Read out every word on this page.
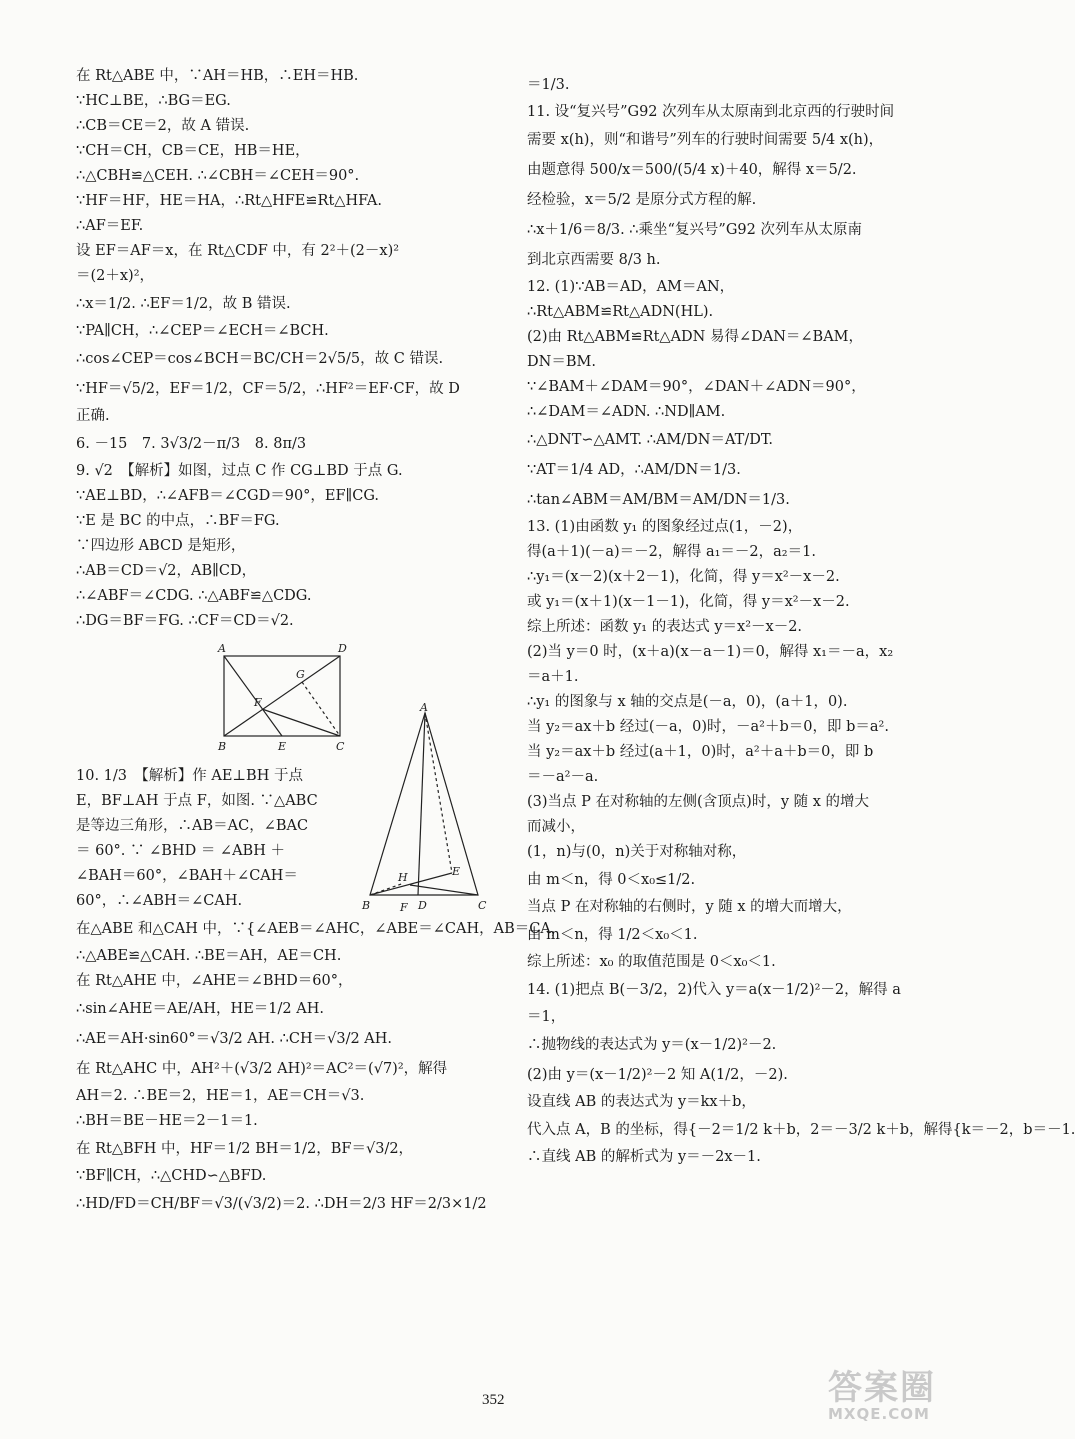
在 Rt△ABE 中，∵AH＝HB，∴EH＝HB.
∵HC⊥BE，∴BG＝EG.
∴CB＝CE＝2，故 A 错误.
∵CH＝CH，CB＝CE，HB＝HE，
∴△CBH≌△CEH. ∴∠CBH＝∠CEH＝90°.
∵HF＝HF，HE＝HA，∴Rt△HFE≌Rt△HFA.
∴AF＝EF.
设 EF＝AF＝x，在 Rt△CDF 中，有 2²＋(2－x)²
＝(2＋x)²，
∴x＝1/2. ∴EF＝1/2，故 B 错误.
∵PA∥CH，∴∠CEP＝∠ECH＝∠BCH.
∴cos∠CEP＝cos∠BCH＝BC/CH＝2√5/5，故 C 错误.
∵HF＝√5/2，EF＝1/2，CF＝5/2，∴HF²＝EF·CF，故 D
正确.
6. －15　7. 3√3/2－π/3　8. 8π/3
9. √2　【解析】如图，过点 C 作 CG⊥BD 于点 G.
∵AE⊥BD，∴∠AFB＝∠CGD＝90°，EF∥CG.
∵E 是 BC 的中点，∴BF＝FG.
∵四边形 ABCD 是矩形，
∴AB＝CD＝√2，AB∥CD，
∴∠ABF＝∠CDG. ∴△ABF≌△CDG.
∴DG＝BF＝FG. ∴CF＝CD＝√2.
A	D
G
F
B	E	C
10. 1/3　【解析】作 AE⊥BH 于点
E，BF⊥AH 于点 F，如图. ∵△ABC
是等边三角形，∴AB＝AC，∠BAC
＝ 60°. ∵ ∠BHD ＝ ∠ABH ＋
∠BAH＝60°，∠BAH＋∠CAH＝
60°，∴∠ABH＝∠CAH.
在△ABE 和△CAH 中，∵{∠AEB＝∠AHC，∠ABE＝∠CAH，AB＝CA，
∴△ABE≌△CAH. ∴BE＝AH，AE＝CH.
在 Rt△AHE 中，∠AHE＝∠BHD＝60°，
∴sin∠AHE＝AE/AH，HE＝1/2 AH.
∴AE＝AH·sin60°＝√3/2 AH. ∴CH＝√3/2 AH.
在 Rt△AHC 中，AH²＋(√3/2 AH)²＝AC²＝(√7)²，解得
AH＝2. ∴BE＝2，HE＝1，AE＝CH＝√3.
∴BH＝BE－HE＝2－1＝1.
在 Rt△BFH 中，HF＝1/2 BH＝1/2，BF＝√3/2，
∵BF∥CH，∴△CHD∽△BFD.
∴HD/FD＝CH/BF＝√3/(√3/2)＝2. ∴DH＝2/3 HF＝2/3×1/2
A
H	E
B	F D	C
＝1/3.
11. 设“复兴号”G92 次列车从太原南到北京西的行驶时间
需要 x(h)，则“和谐号”列车的行驶时间需要 5/4 x(h)，
由题意得 500/x＝500/(5/4 x)＋40，解得 x＝5/2.
经检验，x＝5/2 是原分式方程的解.
∴x＋1/6＝8/3. ∴乘坐“复兴号”G92 次列车从太原南
到北京西需要 8/3 h.
12. (1)∵AB＝AD，AM＝AN，
∴Rt△ABM≌Rt△ADN(HL).
(2)由 Rt△ABM≌Rt△ADN 易得∠DAN＝∠BAM，
DN＝BM.
∵∠BAM＋∠DAM＝90°，∠DAN＋∠ADN＝90°，
∴∠DAM＝∠ADN. ∴ND∥AM.
∴△DNT∽△AMT. ∴AM/DN＝AT/DT.
∵AT＝1/4 AD，∴AM/DN＝1/3.
∴tan∠ABM＝AM/BM＝AM/DN＝1/3.
13. (1)由函数 y₁ 的图象经过点(1，－2)，
得(a＋1)(－a)＝－2，解得 a₁＝－2，a₂＝1.
∴y₁＝(x－2)(x＋2－1)，化简，得 y＝x²－x－2.
或 y₁＝(x＋1)(x－1－1)，化简，得 y＝x²－x－2.
综上所述：函数 y₁ 的表达式 y＝x²－x－2.
(2)当 y＝0 时，(x＋a)(x－a－1)＝0，解得 x₁＝－a，x₂
＝a＋1.
∴y₁ 的图象与 x 轴的交点是(－a，0)，(a＋1，0).
当 y₂＝ax＋b 经过(－a，0)时，－a²＋b＝0，即 b＝a².
当 y₂＝ax＋b 经过(a＋1，0)时，a²＋a＋b＝0，即 b
＝－a²－a.
(3)当点 P 在对称轴的左侧(含顶点)时，y 随 x 的增大
而减小，
(1，n)与(0，n)关于对称轴对称，
由 m＜n，得 0＜x₀≤1/2.
当点 P 在对称轴的右侧时，y 随 x 的增大而增大，
由 m＜n，得 1/2＜x₀＜1.
综上所述：x₀ 的取值范围是 0＜x₀＜1.
14. (1)把点 B(－3/2，2)代入 y＝a(x－1/2)²－2，解得 a
＝1，
∴抛物线的表达式为 y＝(x－1/2)²－2.
(2)由 y＝(x－1/2)²－2 知 A(1/2，－2).
设直线 AB 的表达式为 y＝kx＋b，
代入点 A，B 的坐标，得{－2＝1/2 k＋b，2＝－3/2 k＋b，解得{k＝－2，b＝－1.
∴直线 AB 的解析式为 y＝－2x－1.
352	答案圈
MXQE.COM
